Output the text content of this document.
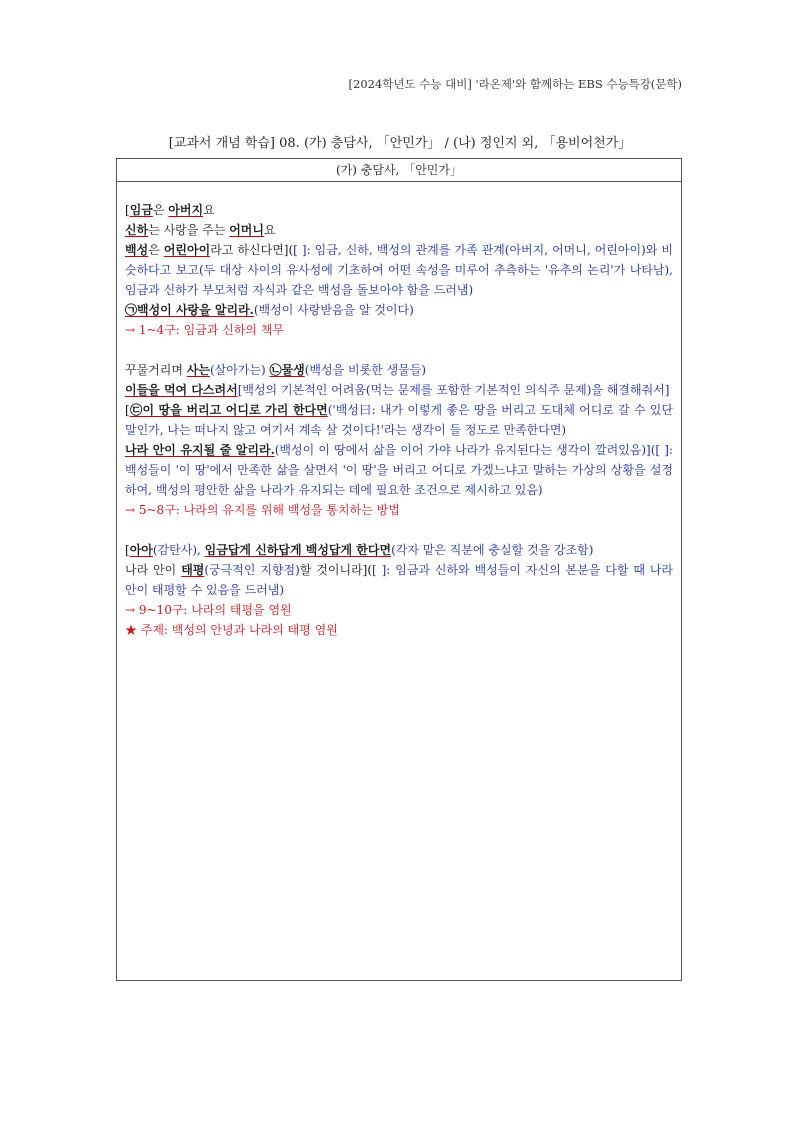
[2024학년도 수능 대비] '라온제'와 함께하는 EBS 수능특강(문학)
[교과서 개념 학습] 08. (가) 충담사, 「안민가」 / (나) 정인지 외, 「용비어천가」
(가) 충담사, 「안민가」
[임금은 아버지요
신하는 사랑을 주는 어머니요
백성은 어린아이라고 하신다면]([ ]: 임금, 신하, 백성의 관계를 가족 관계(아버지, 어머니, 어린아이)와 비슷하다고 보고(두 대상 사이의 유사성에 기초하여 어떤 속성을 미루어 추측하는 '유추의 논리'가 나타남), 임금과 신하가 부모처럼 자식과 같은 백성을 돌보아야 함을 드러냄)
㉠백성이 사랑을 알리라.(백성이 사랑받음을 알 것이다)
→ 1~4구: 임금과 신하의 책무
꾸물거리며 사는(살아가는) ㉡물생(백성을 비롯한 생물들)
이들을 먹여 다스려서[백성의 기본적인 어려움(먹는 문제를 포함한 기본적인 의식주 문제)을 해결해줘서]
[㉢이 땅을 버리고 어디로 가리 한다면('백성曰: 내가 이렇게 좋은 땅을 버리고 도대체 어디로 갈 수 있단 말인가, 나는 떠나지 않고 여기서 계속 살 것이다!'라는 생각이 들 정도로 만족한다면)
나라 안이 유지될 줄 알리라.(백성이 이 땅에서 삶을 이어 가야 나라가 유지된다는 생각이 깔려있음)]([ ]: 백성들이 '이 땅'에서 만족한 삶을 살면서 '이 땅'을 버리고 어디로 가겠느냐고 말하는 가상의 상황을 설정하여, 백성의 평안한 삶을 나라가 유지되는 데에 필요한 조건으로 제시하고 있음)
→ 5~8구: 나라의 유지를 위해 백성을 통치하는 방법
[아아(감탄사), 임금답게 신하답게 백성답게 한다면(각자 맡은 직분에 충실할 것을 강조함)
나라 안이 태평(궁극적인 지향점)할 것이니라]([ ]: 임금과 신하와 백성들이 자신의 본분을 다할 때 나라 안이 태평할 수 있음을 드러냄)
→ 9~10구: 나라의 태평을 염원
★ 주제: 백성의 안녕과 나라의 태평 염원
